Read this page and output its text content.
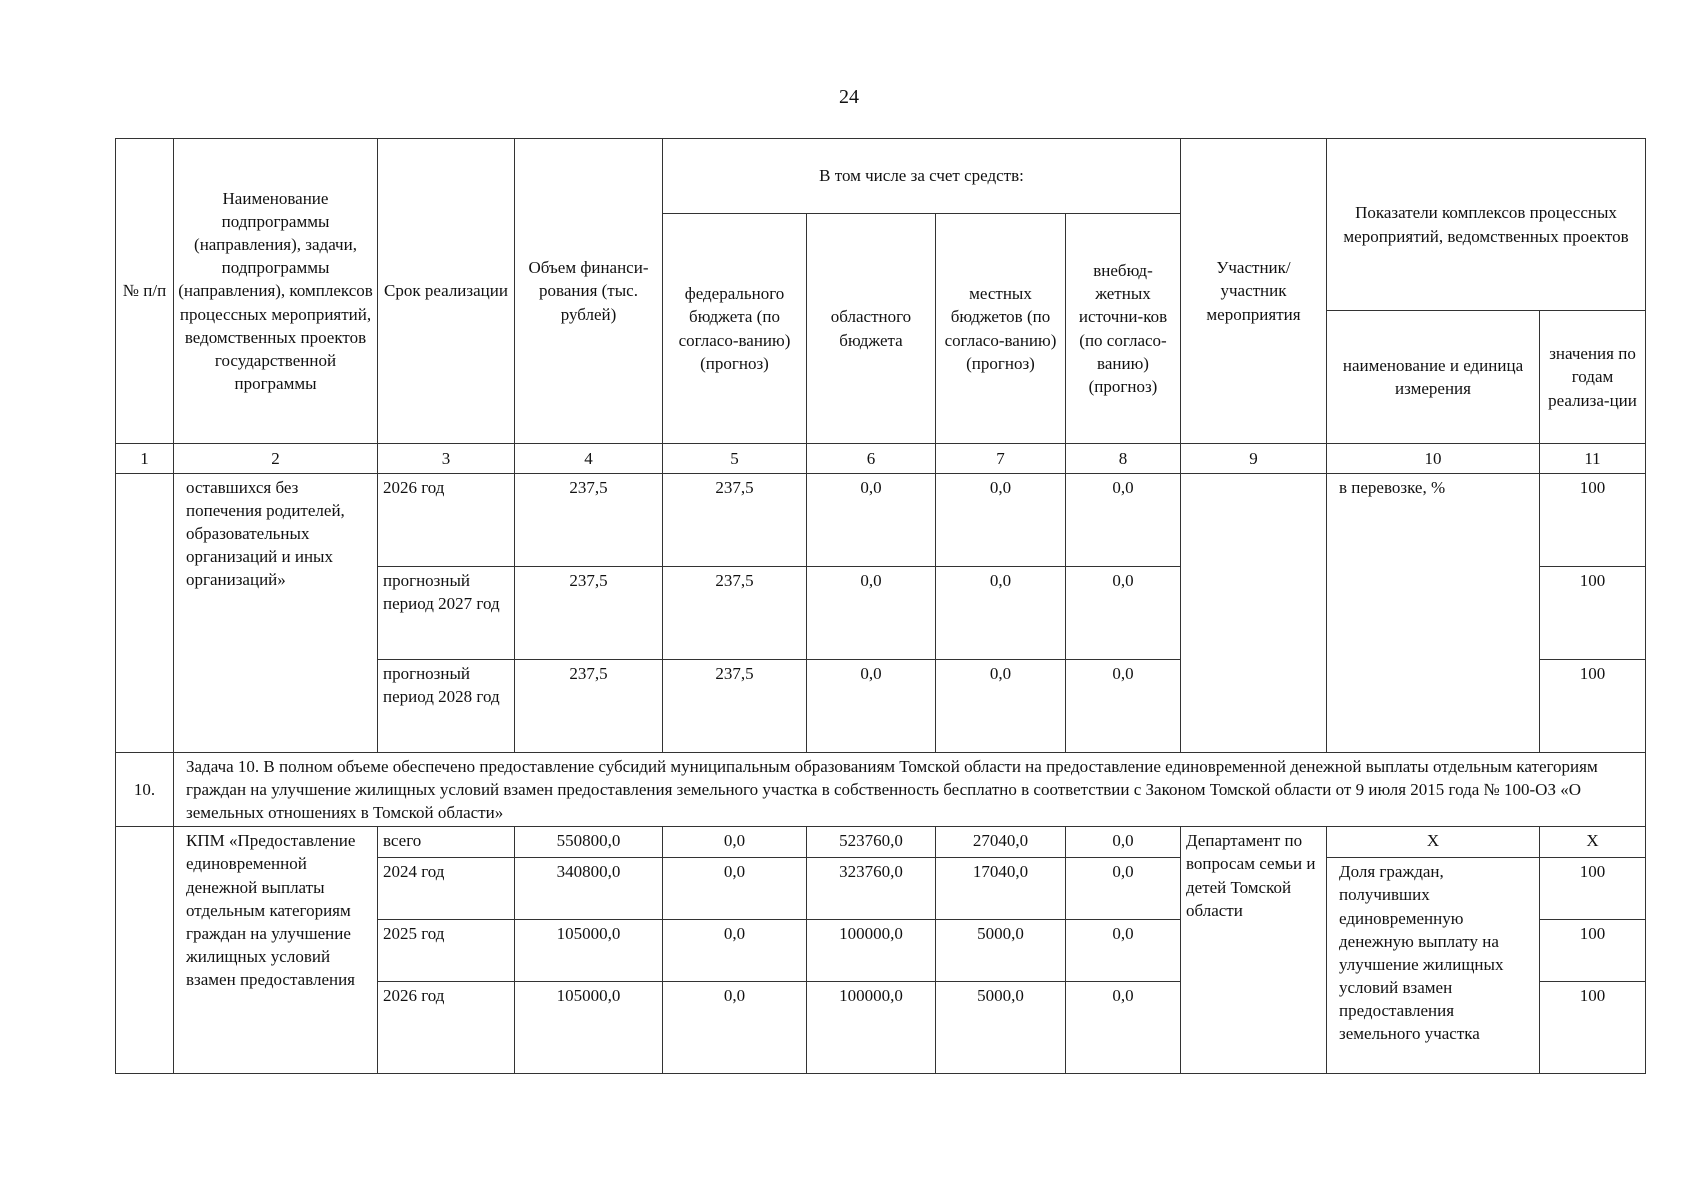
24
№ п/п	Наименование подпрограммы (направления), задачи, подпрограммы (направления), комплексов процессных мероприятий, ведомственных проектов государственной программы	Срок реализации	Объем финанси-рования (тыс. рублей)	В том числе за счет средств:				Участник/ участник мероприятия	Показатели комплексов процессных мероприятий, ведомственных проектов	
				федерального бюджета (по согласо-ванию) (прогноз)	областного бюджета	местных бюджетов (по согласо-ванию) (прогноз)	внебюд-жетных источни-ков (по согласо-ванию) (прогноз)			
									наименование и единица измерения	значения по годам реализа-ции
1	2	3	4	5	6	7	8	9	10	11
	оставшихся без попечения родителей, образовательных организаций и иных организаций»	2026 год	237,5	237,5	0,0	0,0	0,0		в перевозке, %	100
		прогнозный период 2027 год	237,5	237,5	0,0	0,0	0,0			100
		прогнозный период 2028 год	237,5	237,5	0,0	0,0	0,0			100
10.	Задача 10. В полном объеме обеспечено предоставление субсидий муниципальным образованиям Томской области на предоставление единовременной денежной выплаты отдельным категориям граждан на улучшение жилищных условий взамен предоставления земельного участка в собственность бесплатно в соответствии с Законом Томской области от 9 июля 2015 года № 100-ОЗ «О земельных отношениях в Томской области»									
	КПМ «Предоставление единовременной денежной выплаты отдельным категориям граждан на улучшение жилищных условий взамен предоставления	всего	550800,0	0,0	523760,0	27040,0	0,0	Департамент по вопросам семьи и детей Томской области	Х	Х
		2024 год	340800,0	0,0	323760,0	17040,0	0,0		Доля граждан, получивших единовременную денежную выплату на улучшение жилищных условий взамен предоставления земельного участка	100
		2025 год	105000,0	0,0	100000,0	5000,0	0,0			100
		2026 год	105000,0	0,0	100000,0	5000,0	0,0			100
